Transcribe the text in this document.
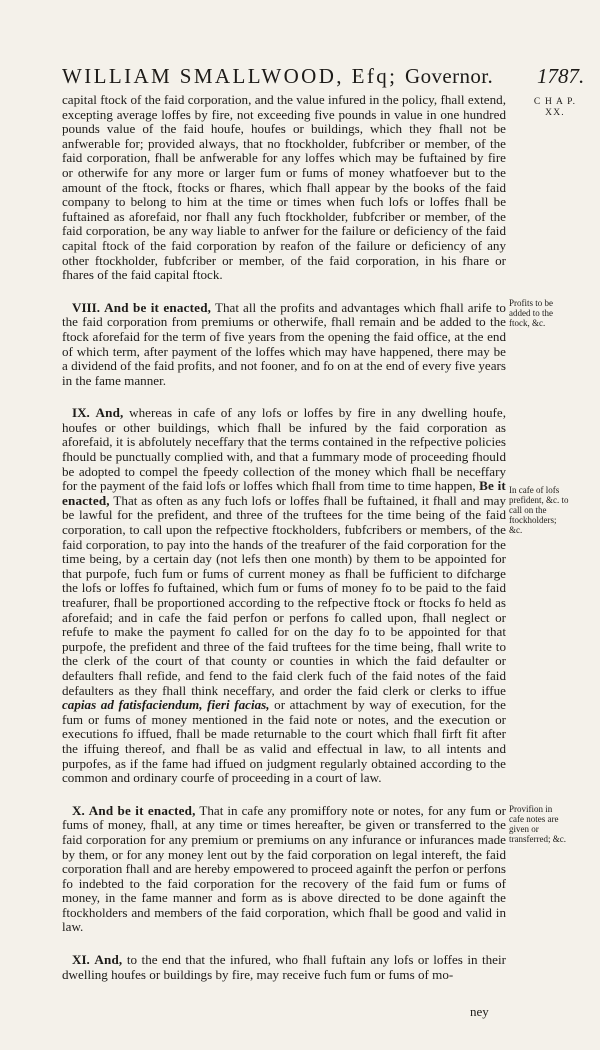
WILLIAM SMALLWOOD, Efq; Governor.	1787.
C H A P.
XX.

capital ftock of the faid corporation, and the value infured in the policy, fhall extend, excepting average loffes by fire, not exceeding five pounds in value in one hundred pounds value of the faid houfe, houfes or buildings, which they fhall not be anfwerable for; provided always, that no ftockholder, fubfcriber or member, of the faid corporation, fhall be anfwerable for any loffes which may be fuftained by fire or otherwife for any more or larger fum or fums of money whatfoever but to the amount of the ftock, ftocks or fhares, which fhall appear by the books of the faid company to belong to him at the time or times when fuch lofs or loffes fhall be fuftained as aforefaid, nor fhall any fuch ftockholder, fubfcriber or member, of the faid corporation, be any way liable to anfwer for the failure or deficiency of the faid capital ftock of the faid corporation by reafon of the failure or deficiency of any other ftockholder, fubfcriber or member, of the faid corporation, in his fhare or fhares of the faid capital ftock.

VIII. And be it enacted, That all the profits and advantages which fhall arife to the faid corporation from premiums or otherwife, fhall remain and be added to the ftock aforefaid for the term of five years from the opening the faid office, at the end of which term, after payment of the loffes which may have happened, there may be a dividend of the faid profits, and not fooner, and fo on at the end of every five years in the fame manner.

IX. And, whereas in cafe of any lofs or loffes by fire in any dwelling houfe, houfes or other buildings, which fhall be infured by the faid corporation as aforefaid, it is abfolutely neceffary that the terms contained in the refpective policies fhould be punctually complied with, and that a fummary mode of proceeding fhould be adopted to compel the fpeedy collection of the money which fhall be neceffary for the payment of the faid lofs or loffes which fhall from time to time happen, Be it enacted, That as often as any fuch lofs or loffes fhall be fuftained, it fhall and may be lawful for the prefident, and three of the truftees for the time being of the faid corporation, to call upon the refpective ftockholders, fubfcribers or members, of the faid corporation, to pay into the hands of the treafurer of the faid corporation for the time being, by a certain day (not lefs then one month) by them to be appointed for that purpofe, fuch fum or fums of current money as fhall be fufficient to difcharge the lofs or loffes fo fuftained, which fum or fums of money fo to be paid to the faid treafurer, fhall be proportioned according to the refpective ftock or ftocks fo held as aforefaid; and in cafe the faid perfon or perfons fo called upon, fhall neglect or refufe to make the payment fo called for on the day fo to be appointed for that purpofe, the prefident and three of the faid truftees for the time being, fhall write to the clerk of the court of that county or counties in which the faid defaulter or defaulters fhall refide, and fend to the faid clerk fuch of the faid notes of the faid defaulters as they fhall think neceffary, and order the faid clerk or clerks to iffue capias ad fatisfaciendum, fieri facias, or attachment by way of execution, for the fum or fums of money mentioned in the faid note or notes, and the execution or executions fo iffued, fhall be made returnable to the court which fhall firft fit after the iffuing thereof, and fhall be as valid and effectual in law, to all intents and purpofes, as if the fame had iffued on judgment regularly obtained according to the common and ordinary courfe of proceeding in a court of law.

X. And be it enacted, That in cafe any promiffory note or notes, for any fum or fums of money, fhall, at any time or times hereafter, be given or transferred to the faid corporation for any premium or premiums on any infurance or infurances made by them, or for any money lent out by the faid corporation on legal intereft, the faid corporation fhall and are hereby empowered to proceed againft the perfon or perfons fo indebted to the faid corporation for the recovery of the faid fum or fums of money, in the fame manner and form as is above directed to be done againft the ftockholders and members of the faid corporation, which fhall be good and valid in law.

XI. And, to the end that the infured, who fhall fuftain any lofs or loffes in their dwelling houfes or buildings by fire, may receive fuch fum or fums of mo-

Profits to be added to the ftock, &c.
In cafe of lofs prefident, &c. to call on the ftockholders; &c.
Provifion in cafe notes are given or transferred; &c.
ney
